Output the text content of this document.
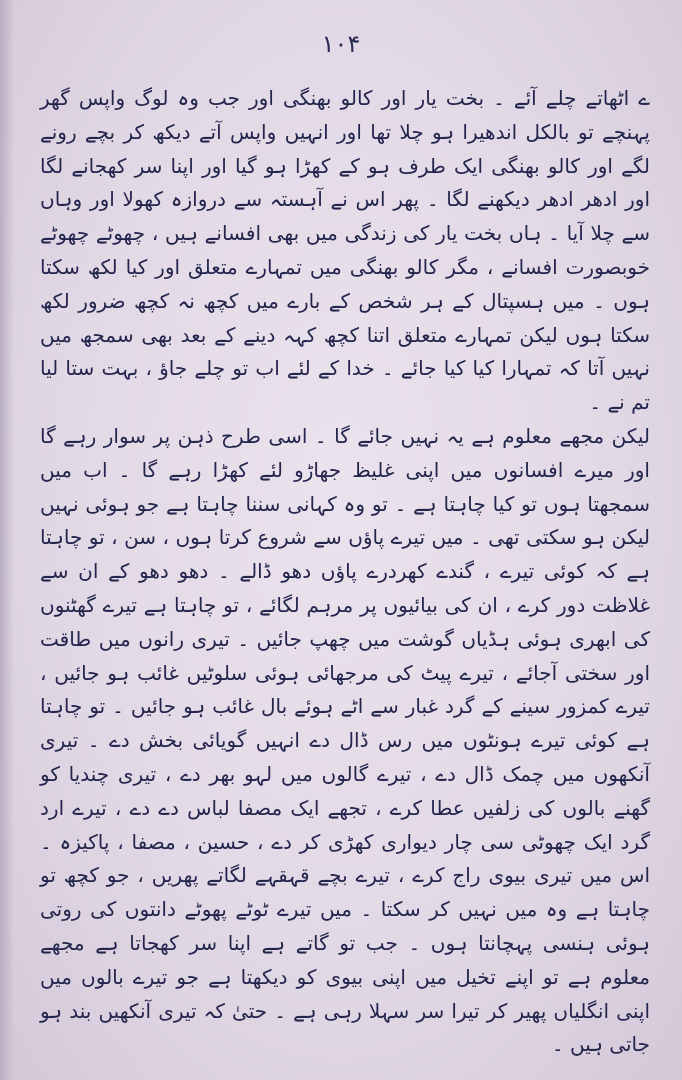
۱۰۴

ے اٹھاتے چلے آئے ۔ بخت یار اور کالو بھنگی اور جب وہ لوگ واپس گھر پہنچے تو بالکل اندھیرا ہو چلا تھا اور انہیں واپس آتے دیکھ کر بچے رونے لگے اور کالو بھنگی ایک طرف ہو کے کھڑا ہو گیا اور اپنا سر کھجانے لگا اور ادھر ادھر دیکھنے لگا ۔ پھر اس نے آہستہ سے دروازہ کھولا اور وہاں سے چلا آیا ۔ ہاں بخت یار کی زندگی میں بھی افسانے ہیں ، چھوٹے چھوٹے خوبصورت افسانے ، مگر کالو بھنگی میں تمہارے متعلق اور کیا لکھ سکتا ہوں ۔ میں ہسپتال کے ہر شخص کے بارے میں کچھ نہ کچھ ضرور لکھ سکتا ہوں لیکن تمہارے متعلق اتنا کچھ کہہ دینے کے بعد بھی سمجھ میں نہیں آتا کہ تمہارا کیا کیا جائے ۔ خدا کے لئے اب تو چلے جاؤ ، بہت ستا لیا تم نے ۔

لیکن مجھے معلوم ہے یہ نہیں جائے گا ۔ اسی طرح ذہن پر سوار رہے گا اور میرے افسانوں میں اپنی غلیظ جھاڑو لئے کھڑا رہے گا ۔ اب میں سمجھتا ہوں تو کیا چاہتا ہے ۔ تو وہ کہانی سننا چاہتا ہے جو ہوئی نہیں لیکن ہو سکتی تھی ۔ میں تیرے پاؤں سے شروع کرتا ہوں ، سن ، تو چاہتا ہے کہ کوئی تیرے ، گندے کھردرے پاؤں دھو ڈالے ۔ دھو دھو کے ان سے غلاظت دور کرے ، ان کی بیائیوں پر مرہم لگائے ، تو چاہتا ہے تیرے گھٹنوں کی ابھری ہوئی ہڈیاں گوشت میں چھپ جائیں ۔ تیری رانوں میں طاقت اور سختی آجائے ، تیرے پیٹ کی مرجھائی ہوئی سلوٹیں غائب ہو جائیں ، تیرے کمزور سینے کے گرد غبار سے اٹے ہوئے بال غائب ہو جائیں ۔ تو چاہتا ہے کوئی تیرے ہونٹوں میں رس ڈال دے انہیں گویائی بخش دے ۔ تیری آنکھوں میں چمک ڈال دے ، تیرے گالوں میں لہو بھر دے ، تیری چندیا کو گھنے بالوں کی زلفیں عطا کرے ، تجھے ایک مصفا لباس دے دے ، تیرے ارد گرد ایک چھوٹی سی چار دیواری کھڑی کر دے ، حسین ، مصفا ، پاکیزہ ۔ اس میں تیری بیوی راج کرے ، تیرے بچے قہقہے لگاتے پھریں ، جو کچھ تو چاہتا ہے وہ میں نہیں کر سکتا ۔ میں تیرے ٹوٹے پھوٹے دانتوں کی روتی ہوئی ہنسی پہچانتا ہوں ۔ جب تو گاتے ہے اپنا سر کھجاتا ہے مجھے معلوم ہے تو اپنے تخیل میں اپنی بیوی کو دیکھتا ہے جو تیرے بالوں میں اپنی انگلیاں پھیر کر تیرا سر سہلا رہی ہے ۔ حتیٰ کہ تیری آنکھیں بند ہو جاتی ہیں ۔
